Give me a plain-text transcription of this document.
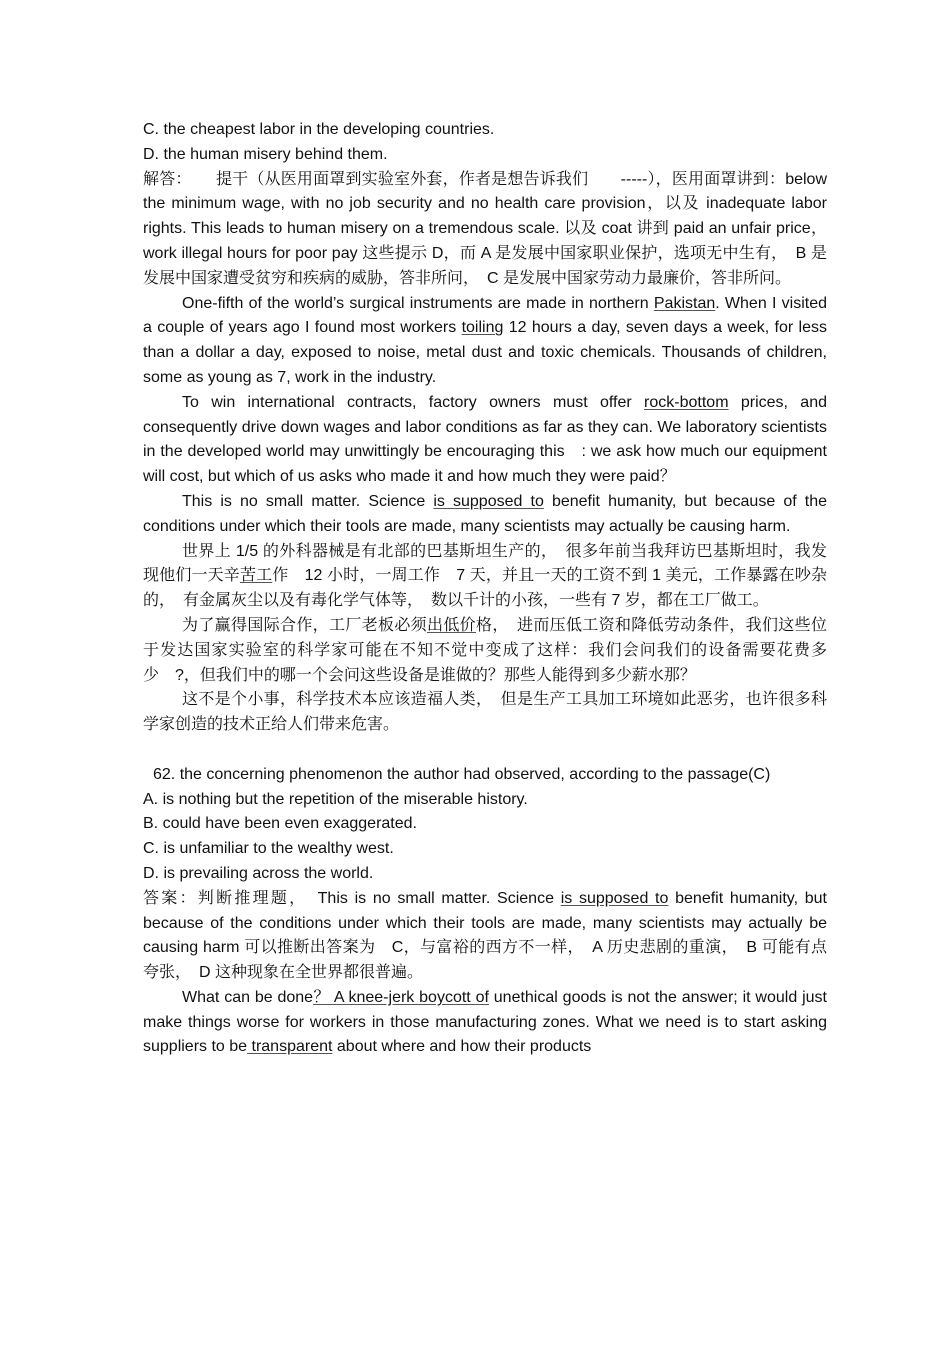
C. the cheapest labor in the developing countries.

D. the human misery behind them.

解答：　　提干（从医用面罩到实验室外套，作者是想告诉我们　　-----），医用面罩讲到：below the minimum wage, with no job security and no health care provision，以及 inadequate labor rights. This leads to human misery on a tremendous scale. 以及 coat 讲到 paid an unfair price，work illegal hours for poor pay 这些提示 D，而 A 是发展中国家职业保护，选项无中生有，　B 是发展中国家遭受贫穷和疾病的威胁，答非所问，　C 是发展中国家劳动力最廉价，答非所问。

One-fifth of the world’s surgical instruments are made in northern Pakistan. When I visited a couple of years ago I found most workers toiling 12 hours a day, seven days a week, for less than a dollar a day, exposed to noise, metal dust and toxic chemicals. Thousands of children, some as young as 7, work in the industry.

To win international contracts, factory owners must offer rock-bottom prices, and consequently drive down wages and labor conditions as far as they can. We laboratory scientists in the developed world may unwittingly be encouraging this　: we ask how much our equipment will cost, but which of us asks who made it and how much they were paid？

This is no small matter. Science is supposed to benefit humanity, but because of the conditions under which their tools are made, many scientists may actually be causing harm.

世界上 1/5 的外科器械是有北部的巴基斯坦生产的，　很多年前当我拜访巴基斯坦时，我发现他们一天辛苦工作　12 小时，一周工作　7 天，并且一天的工资不到 1 美元，工作暴露在吵杂的，　有金属灰尘以及有毒化学气体等，　数以千计的小孩，一些有 7 岁，都在工厂做工。

为了赢得国际合作，工厂老板必须出低价格，　进而压低工资和降低劳动条件，我们这些位于发达国家实验室的科学家可能在不知不觉中变成了这样：我们会问我们的设备需要花费多少　?，但我们中的哪一个会问这些设备是谁做的？那些人能得到多少薪水那？

这不是个小事，科学技术本应该造福人类，　但是生产工具加工环境如此恶劣，也许很多科学家创造的技术正给人们带来危害。

62. the concerning phenomenon the author had observed, according to the passage(C)

A. is nothing but the repetition of the miserable history.

B. could have been even exaggerated.

C. is unfamiliar to the wealthy west.

D. is prevailing across the world.

答案：判断推理题，　This is no small matter. Science is supposed to benefit humanity, but because of the conditions under which their tools are made, many scientists may actually be causing harm 可以推断出答案为　C，与富裕的西方不一样，　A 历史悲剧的重演，　B 可能有点夸张，　D 这种现象在全世界都很普遍。

What can be done？ A knee-jerk boycott of unethical goods is not the answer; it would just make things worse for workers in those manufacturing zones. What we need is to start asking suppliers to be transparent about where and how their products
